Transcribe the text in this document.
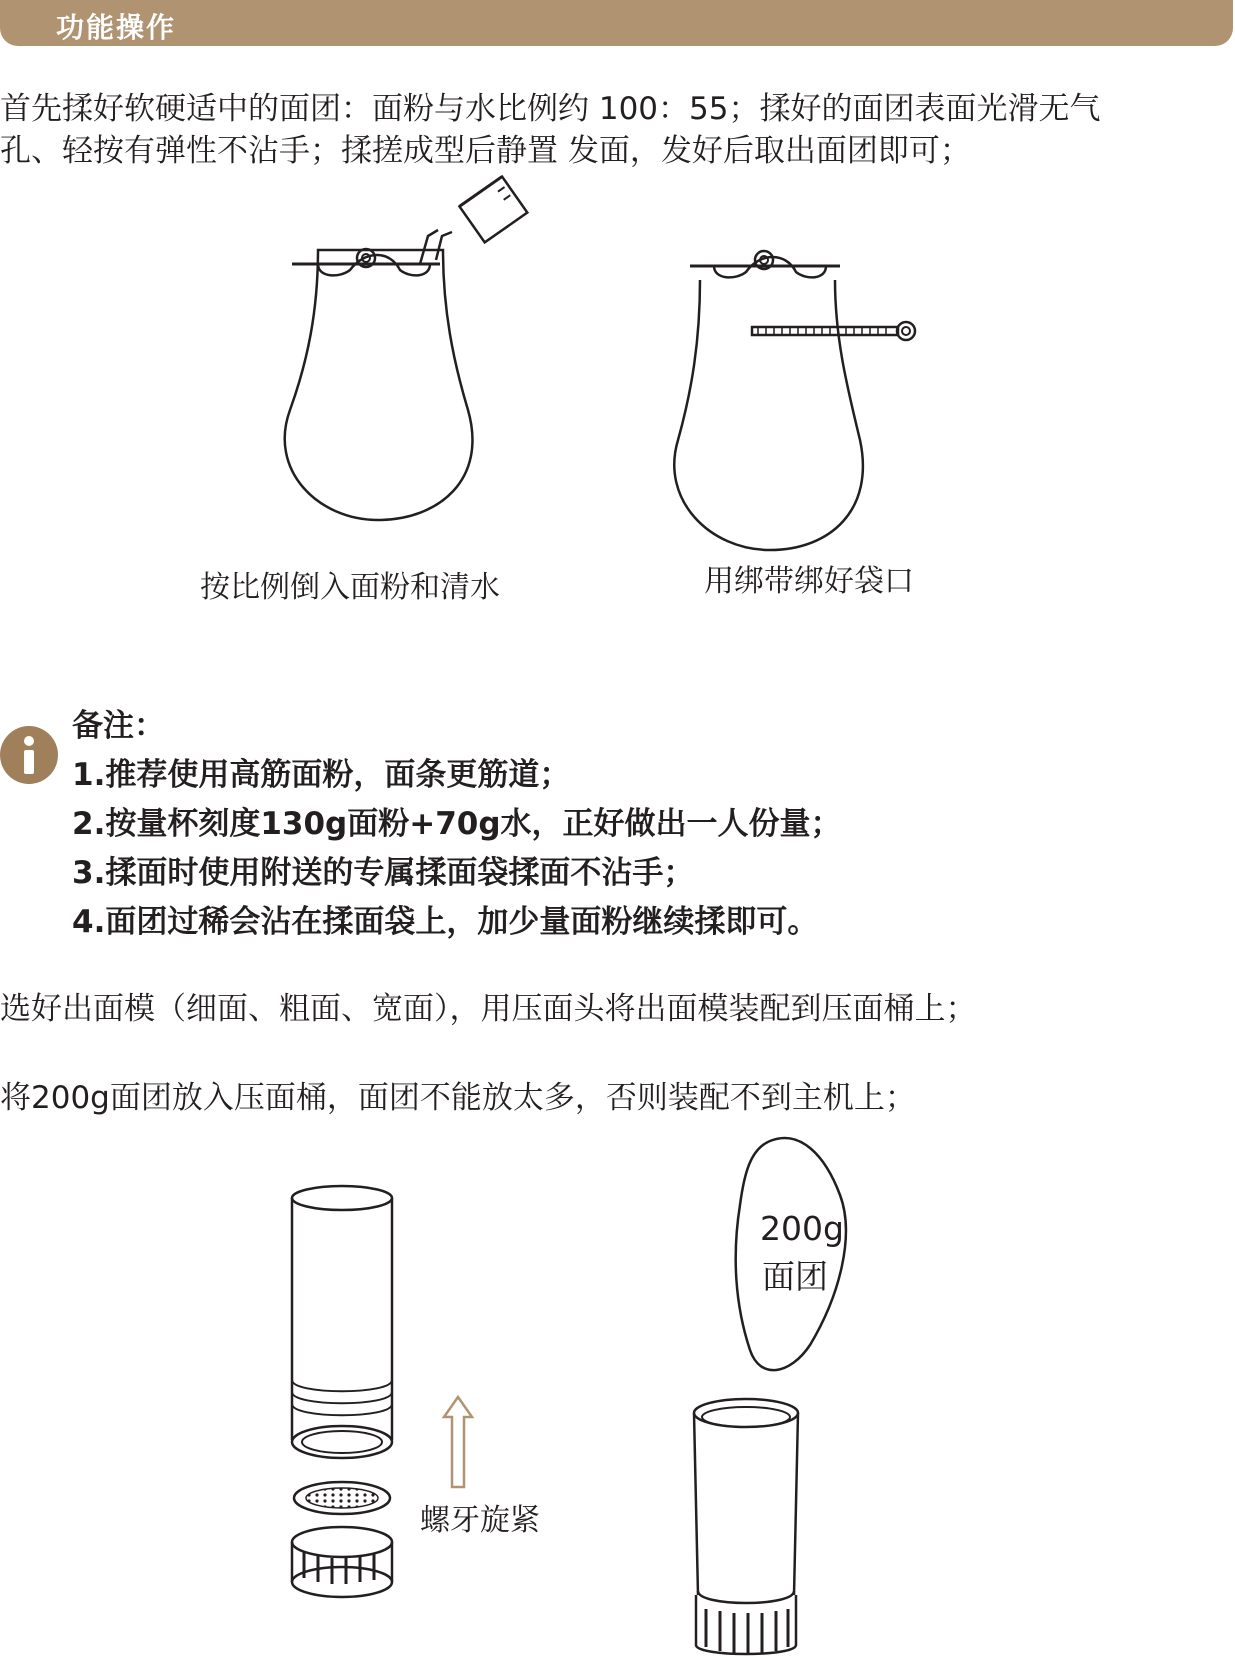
功能操作

首先揉好软硬适中的面团：面粉与水比例约 100：55；揉好的面团表面光滑无气

孔、轻按有弹性不沾手；揉搓成型后静置 发面，发好后取出面团即可；

按比例倒入面粉和清水	用绑带绑好袋口
备注：
1.推荐使用高筋面粉，面条更筋道；
2.按量杯刻度130g面粉+70g水，正好做出一人份量；
3.揉面时使用附送的专属揉面袋揉面不沾手；
4.面团过稀会沾在揉面袋上，加少量面粉继续揉即可。

选好出面模（细面、粗面、宽面），用压面头将出面模装配到压面桶上；

将200g面团放入压面桶，面团不能放太多，否则装配不到主机上；

螺牙旋紧
200g
面团
